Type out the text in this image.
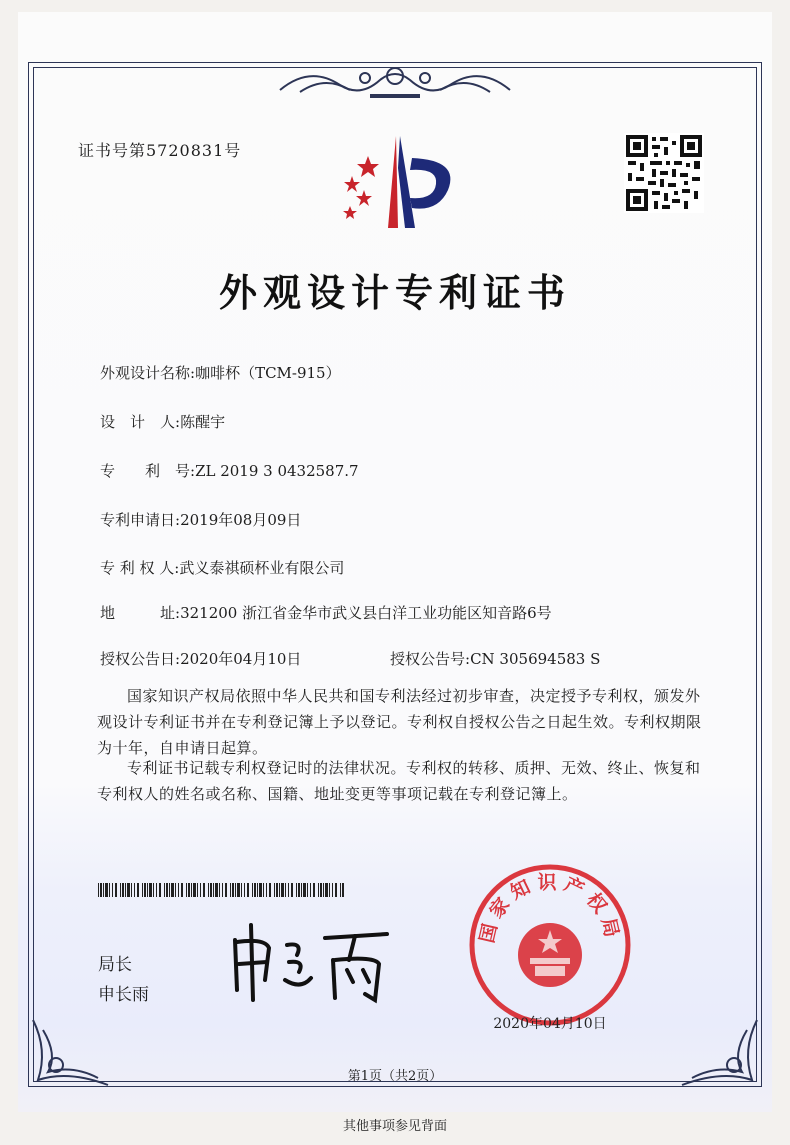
证书号第5720831号
外观设计专利证书
外观设计名称:咖啡杯（TCM-915）
设　计　人:陈醒宇
专　　利　号:ZL 2019 3 0432587.7
专利申请日:2019年08月09日
专 利 权 人:武义泰祺硕杯业有限公司
地　　　址:321200 浙江省金华市武义县白洋工业功能区知音路6号
授权公告日:2020年04月10日	授权公告号:CN 305694583 S
国家知识产权局依照中华人民共和国专利法经过初步审查，决定授予专利权，颁发外观设计专利证书并在专利登记簿上予以登记。专利权自授权公告之日起生效。专利权期限为十年，自申请日起算。
专利证书记载专利权登记时的法律状况。专利权的转移、质押、无效、终止、恢复和专利权人的姓名或名称、国籍、地址变更等事项记载在专利登记簿上。
局长
申长雨
国家知识产权局
2020年04月10日
第1页（共2页）
其他事项参见背面
